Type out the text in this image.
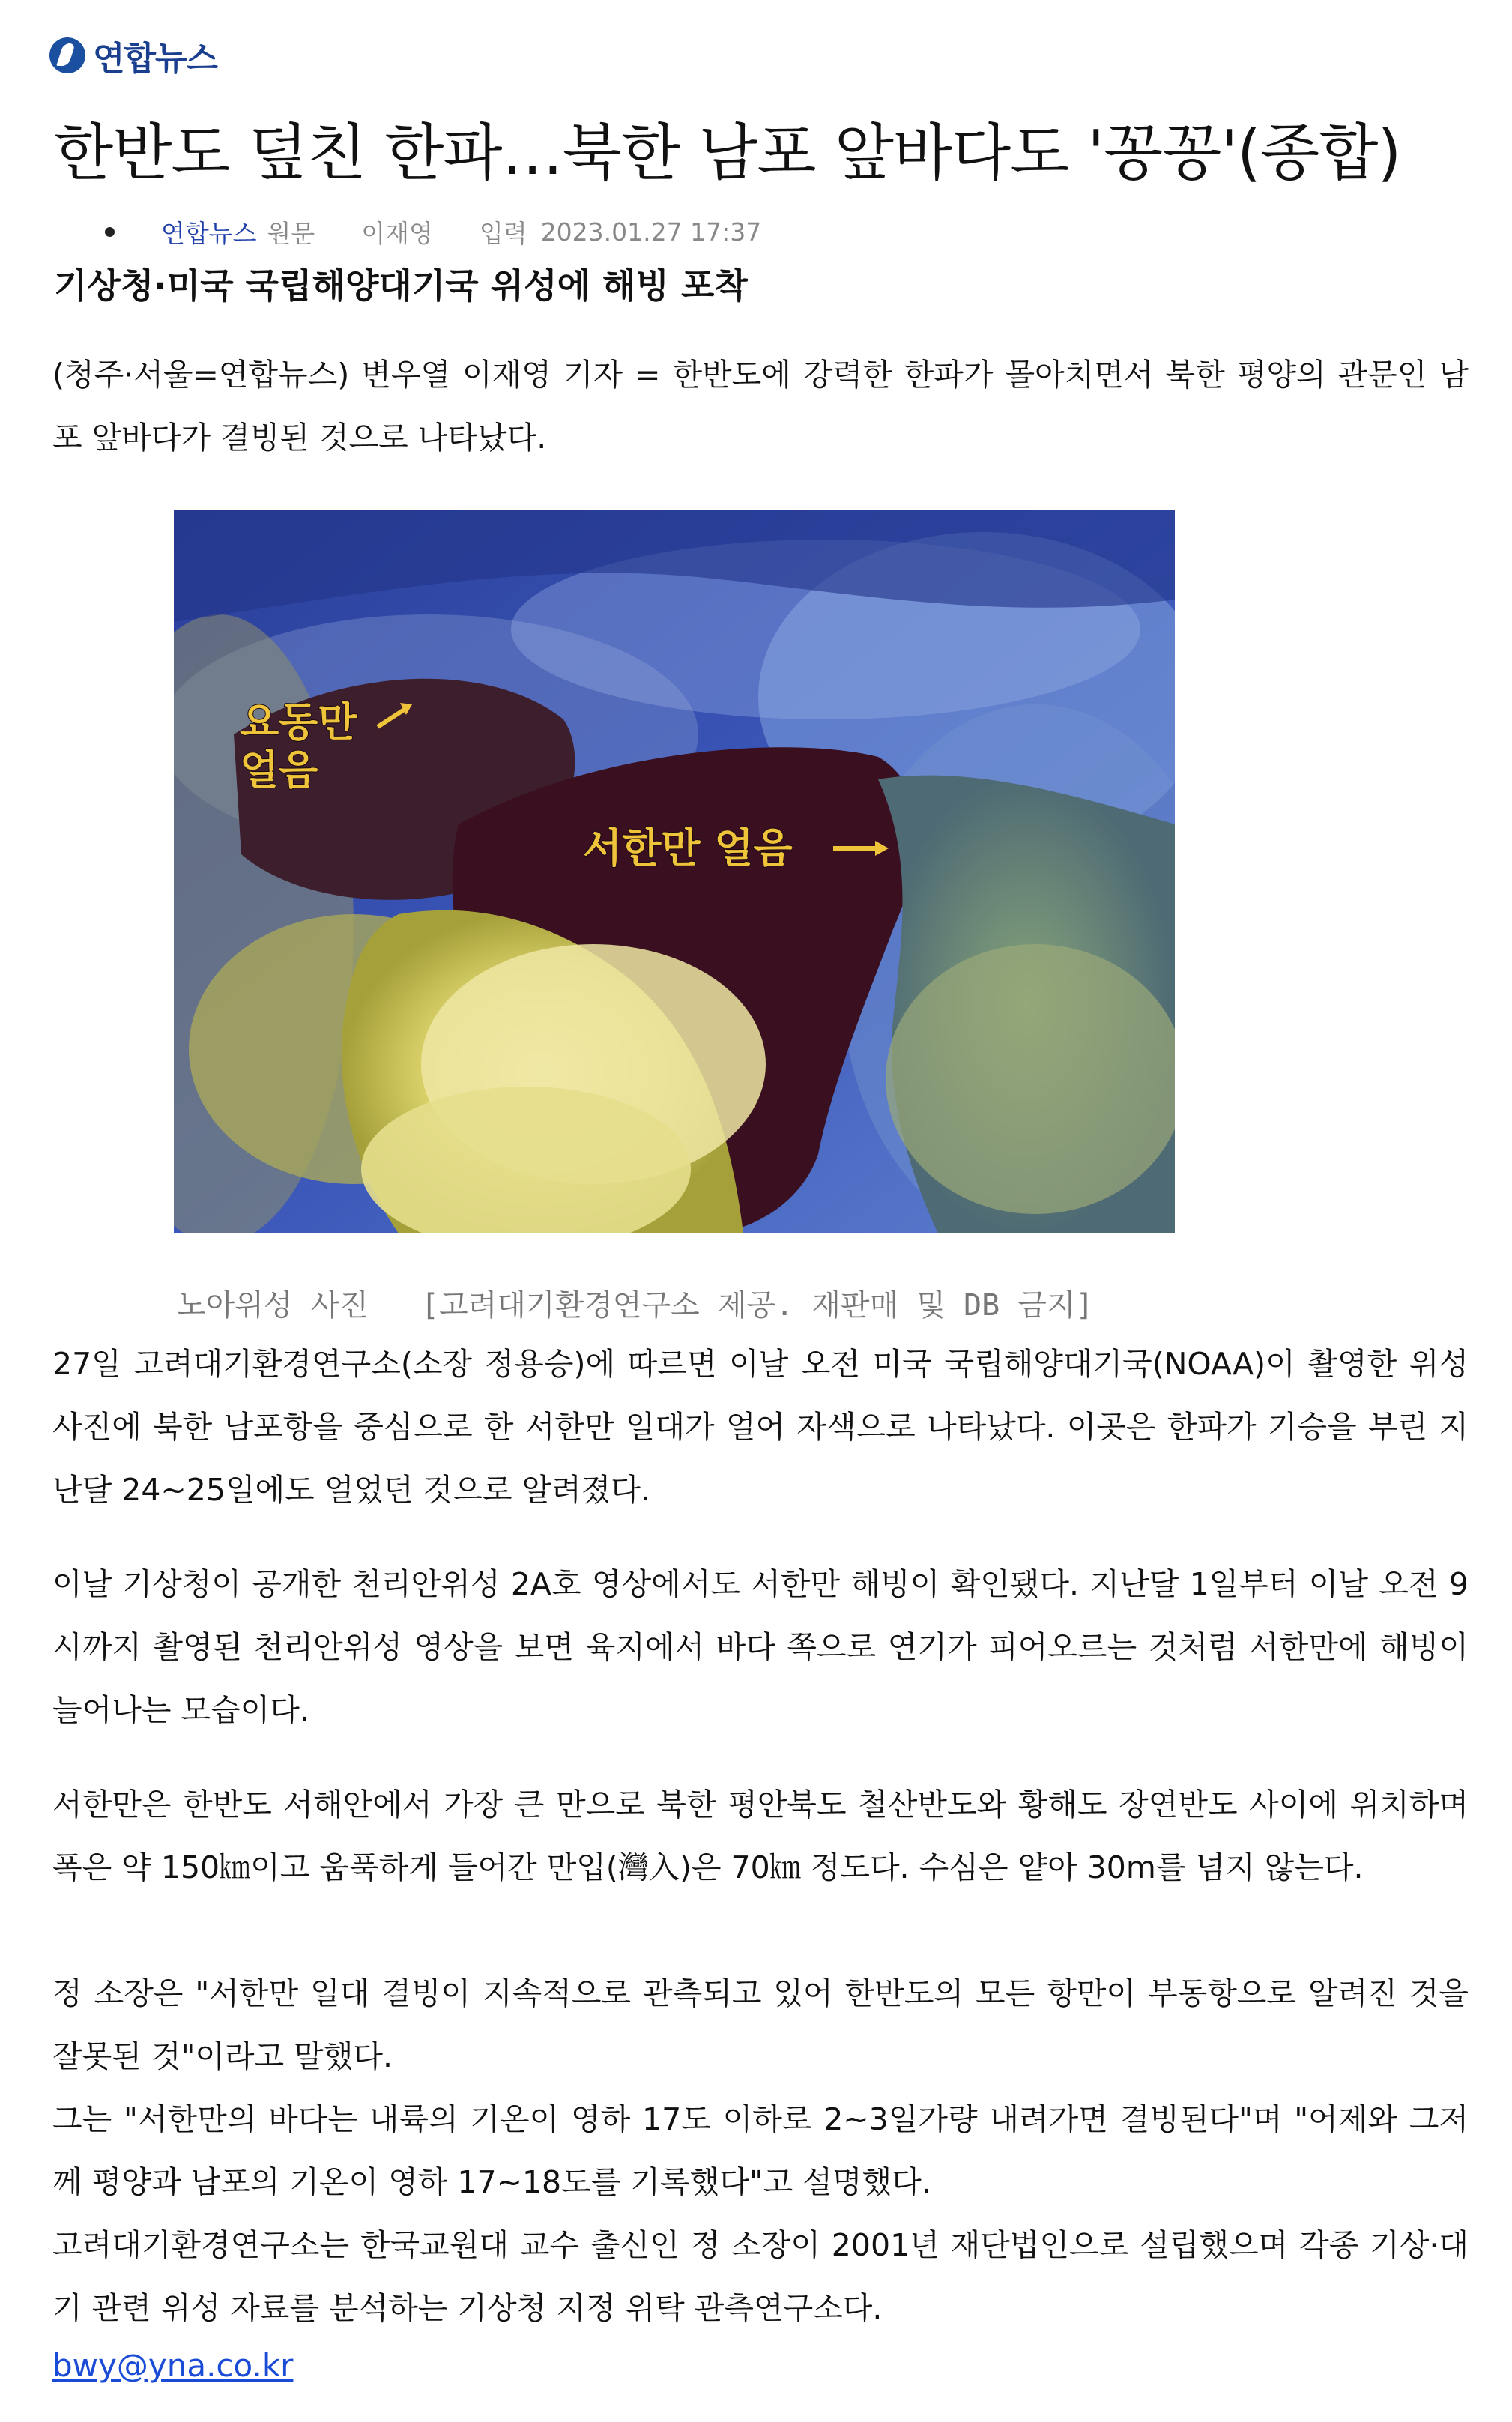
연합뉴스
한반도 덮친 한파…북한 남포 앞바다도 '꽁꽁'(종합)
연합뉴스 원문 이재영 입력 2023.01.27 17:37
기상청·미국 국립해양대기국 위성에 해빙 포착

(청주·서울=연합뉴스) 변우열 이재영 기자 = 한반도에 강력한 한파가 몰아치면서 북한 평양의 관문인 남포 앞바다가 결빙된 것으로 나타났다.

요동만
얼음
서한만 얼음
노아위성 사진 [고려대기환경연구소 제공. 재판매 및 DB 금지]

27일 고려대기환경연구소(소장 정용승)에 따르면 이날 오전 미국 국립해양대기국(NOAA)이 촬영한 위성사진에 북한 남포항을 중심으로 한 서한만 일대가 얼어 자색으로 나타났다. 이곳은 한파가 기승을 부린 지난달 24~25일에도 얼었던 것으로 알려졌다.

이날 기상청이 공개한 천리안위성 2A호 영상에서도 서한만 해빙이 확인됐다. 지난달 1일부터 이날 오전 9시까지 촬영된 천리안위성 영상을 보면 육지에서 바다 쪽으로 연기가 피어오르는 것처럼 서한만에 해빙이 늘어나는 모습이다.

서한만은 한반도 서해안에서 가장 큰 만으로 북한 평안북도 철산반도와 황해도 장연반도 사이에 위치하며 폭은 약 150㎞이고 움푹하게 들어간 만입(灣入)은 70㎞ 정도다. 수심은 얕아 30m를 넘지 않는다.

정 소장은 "서한만 일대 결빙이 지속적으로 관측되고 있어 한반도의 모든 항만이 부동항으로 알려진 것을 잘못된 것"이라고 말했다.

그는 "서한만의 바다는 내륙의 기온이 영하 17도 이하로 2~3일가량 내려가면 결빙된다"며 "어제와 그저께 평양과 남포의 기온이 영하 17~18도를 기록했다"고 설명했다.

고려대기환경연구소는 한국교원대 교수 출신인 정 소장이 2001년 재단법인으로 설립했으며 각종 기상·대기 관련 위성 자료를 분석하는 기상청 지정 위탁 관측연구소다.

bwy@yna.co.kr
